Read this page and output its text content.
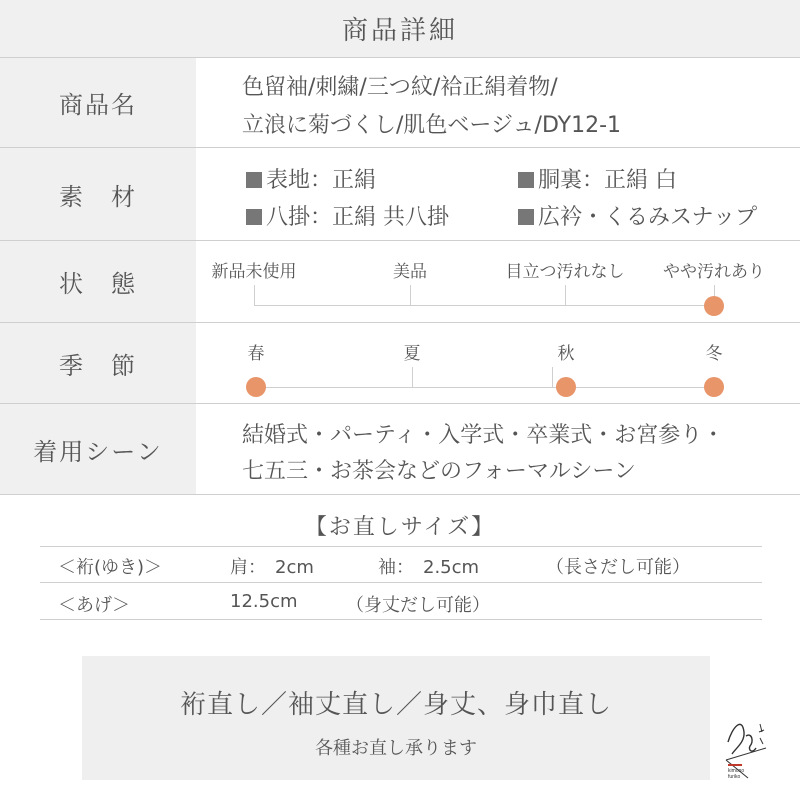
商品詳細
商品名
色留袖/刺繍/三つ紋/袷正絹着物/
立浪に菊づくし/肌色ベージュ/DY12-1
素　材
表地：正絹	胴裏：正絹 白
八掛：正絹 共八掛	広衿・くるみスナップ
状　態	新品未使用	美品	目立つ汚れなし やや汚れあり
季　節	春	夏	秋	冬
着用シーン
結婚式・パーティ・入学式・卒業式・お宮参り・
七五三・お茶会などのフォーマルシーン
【お直しサイズ】
＜裄(ゆき)＞	肩：　2cm	袖：　2.5cm	（長さだし可能）
＜あげ＞	12.5cm	（身丈だし可能）
裄直し／袖丈直し／身丈、身巾直し
各種お直し承ります
kimono
furiko
